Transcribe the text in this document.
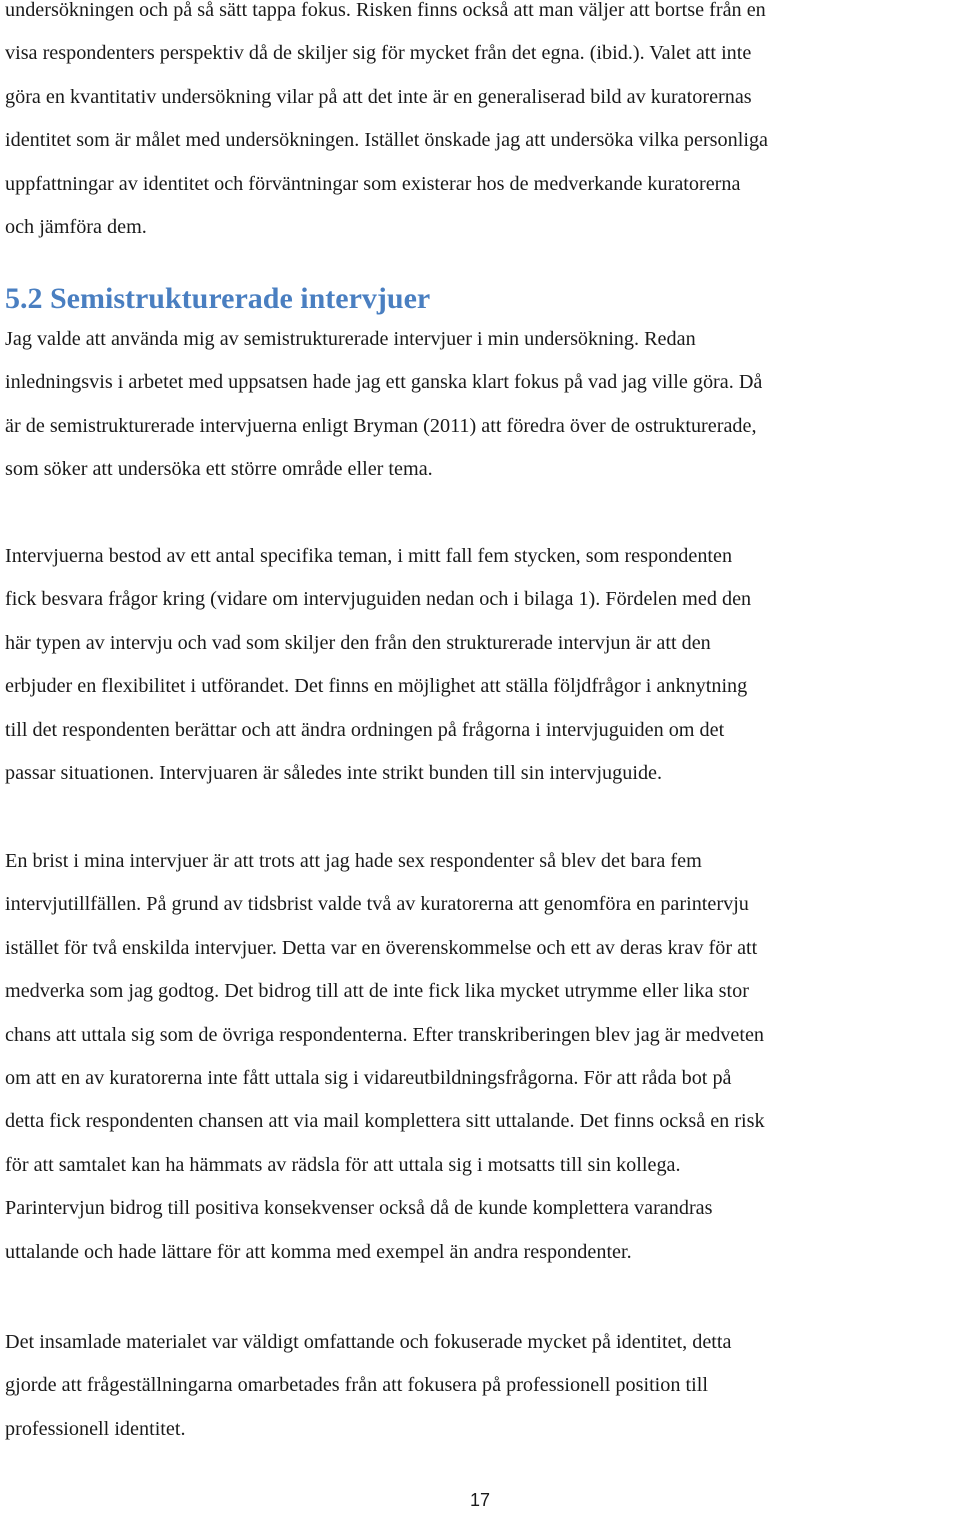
undersökningen och på så sätt tappa fokus. Risken finns också att man väljer att bortse från en
visa respondenters perspektiv då de skiljer sig för mycket från det egna. (ibid.). Valet att inte
göra en kvantitativ undersökning vilar på att det inte är en generaliserad bild av kuratorernas
identitet som är målet med undersökningen. Istället önskade jag att undersöka vilka personliga
uppfattningar av identitet och förväntningar som existerar hos de medverkande kuratorerna
och jämföra dem.
5.2 Semistrukturerade intervjuer
Jag valde att använda mig av semistrukturerade intervjuer i min undersökning. Redan
inledningsvis i arbetet med uppsatsen hade jag ett ganska klart fokus på vad jag ville göra. Då
är de semistrukturerade intervjuerna enligt Bryman (2011) att föredra över de ostrukturerade,
som söker att undersöka ett större område eller tema.
Intervjuerna bestod av ett antal specifika teman, i mitt fall fem stycken, som respondenten
fick besvara frågor kring (vidare om intervjuguiden nedan och i bilaga 1). Fördelen med den
här typen av intervju och vad som skiljer den från den strukturerade intervjun är att den
erbjuder en flexibilitet i utförandet. Det finns en möjlighet att ställa följdfrågor i anknytning
till det respondenten berättar och att ändra ordningen på frågorna i intervjuguiden om det
passar situationen. Intervjuaren är således inte strikt bunden till sin intervjuguide.
En brist i mina intervjuer är att trots att jag hade sex respondenter så blev det bara fem
intervjutillfällen. På grund av tidsbrist valde två av kuratorerna att genomföra en parintervju
istället för två enskilda intervjuer. Detta var en överenskommelse och ett av deras krav för att
medverka som jag godtog. Det bidrog till att de inte fick lika mycket utrymme eller lika stor
chans att uttala sig som de övriga respondenterna. Efter transkriberingen blev jag är medveten
om att en av kuratorerna inte fått uttala sig i vidareutbildningsfrågorna. För att råda bot på
detta fick respondenten chansen att via mail komplettera sitt uttalande. Det finns också en risk
för att samtalet kan ha hämmats av rädsla för att uttala sig i motsatts till sin kollega.
Parintervjun bidrog till positiva konsekvenser också då de kunde komplettera varandras
uttalande och hade lättare för att komma med exempel än andra respondenter.
Det insamlade materialet var väldigt omfattande och fokuserade mycket på identitet, detta
gjorde att frågeställningarna omarbetades från att fokusera på professionell position till
professionell identitet.
17
